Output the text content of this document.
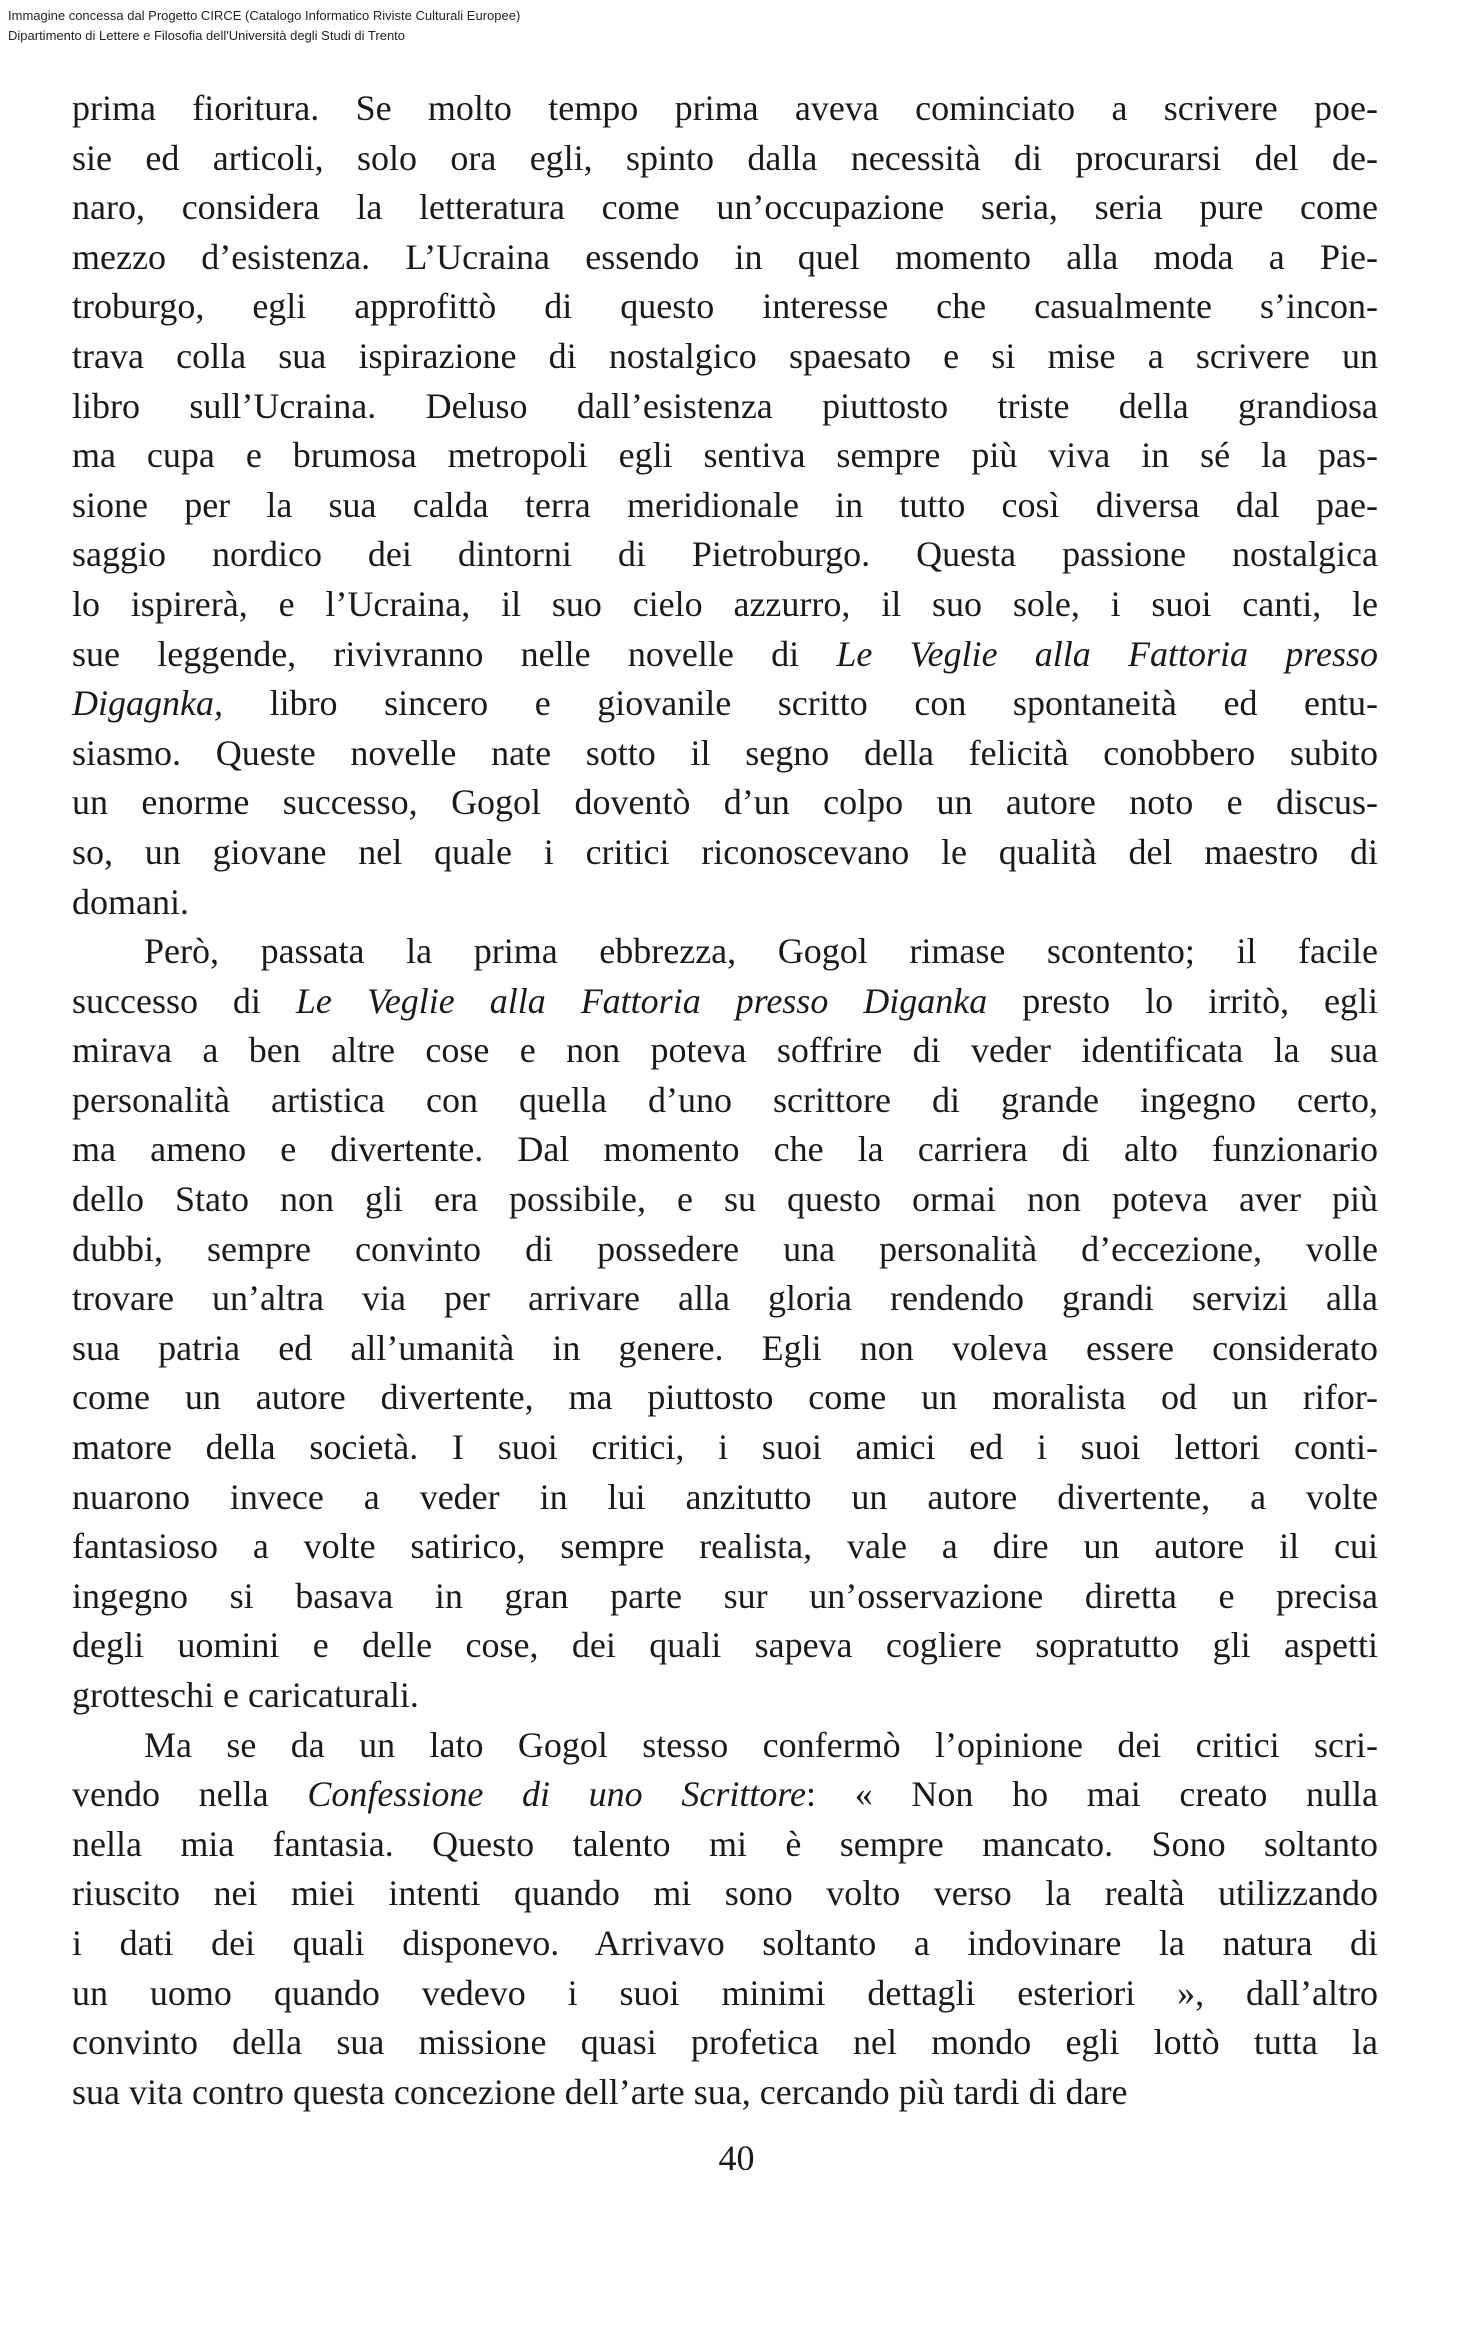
Immagine concessa dal Progetto CIRCE (Catalogo Informatico Riviste Culturali Europee)
Dipartimento di Lettere e Filosofia dell'Università degli Studi di Trento
prima fioritura. Se molto tempo prima aveva cominciato a scrivere poe-
sie ed articoli, solo ora egli, spinto dalla necessità di procurarsi del de-
naro, considera la letteratura come un’occupazione seria, seria pure come
mezzo d’esistenza. L’Ucraina essendo in quel momento alla moda a Pie-
troburgo, egli approfittò di questo interesse che casualmente s’incon-
trava colla sua ispirazione di nostalgico spaesato e si mise a scrivere un
libro sull’Ucraina. Deluso dall’esistenza piuttosto triste della grandiosa
ma cupa e brumosa metropoli egli sentiva sempre più viva in sé la pas-
sione per la sua calda terra meridionale in tutto così diversa dal pae-
saggio nordico dei dintorni di Pietroburgo. Questa passione nostalgica
lo ispirerà, e l’Ucraina, il suo cielo azzurro, il suo sole, i suoi canti, le
sue leggende, rivivranno nelle novelle di Le Veglie alla Fattoria presso
Digagnka, libro sincero e giovanile scritto con spontaneità ed entu-
siasmo. Queste novelle nate sotto il segno della felicità conobbero subito
un enorme successo, Gogol doventò d’un colpo un autore noto e discus-
so, un giovane nel quale i critici riconoscevano le qualità del maestro di
domani.
Però, passata la prima ebbrezza, Gogol rimase scontento; il facile
successo di Le Veglie alla Fattoria presso Diganka presto lo irritò, egli
mirava a ben altre cose e non poteva soffrire di veder identificata la sua
personalità artistica con quella d’uno scrittore di grande ingegno certo,
ma ameno e divertente. Dal momento che la carriera di alto funzionario
dello Stato non gli era possibile, e su questo ormai non poteva aver più
dubbi, sempre convinto di possedere una personalità d’eccezione, volle
trovare un’altra via per arrivare alla gloria rendendo grandi servizi alla
sua patria ed all’umanità in genere. Egli non voleva essere considerato
come un autore divertente, ma piuttosto come un moralista od un rifor-
matore della società. I suoi critici, i suoi amici ed i suoi lettori conti-
nuarono invece a veder in lui anzitutto un autore divertente, a volte
fantasioso a volte satirico, sempre realista, vale a dire un autore il cui
ingegno si basava in gran parte sur un’osservazione diretta e precisa
degli uomini e delle cose, dei quali sapeva cogliere sopratutto gli aspetti
grotteschi e caricaturali.
Ma se da un lato Gogol stesso confermò l’opinione dei critici scri-
vendo nella Confessione di uno Scrittore: « Non ho mai creato nulla
nella mia fantasia. Questo talento mi è sempre mancato. Sono soltanto
riuscito nei miei intenti quando mi sono volto verso la realtà utilizzando
i dati dei quali disponevo. Arrivavo soltanto a indovinare la natura di
un uomo quando vedevo i suoi minimi dettagli esteriori », dall’altro
convinto della sua missione quasi profetica nel mondo egli lottò tutta la
sua vita contro questa concezione dell’arte sua, cercando più tardi di dare
40
